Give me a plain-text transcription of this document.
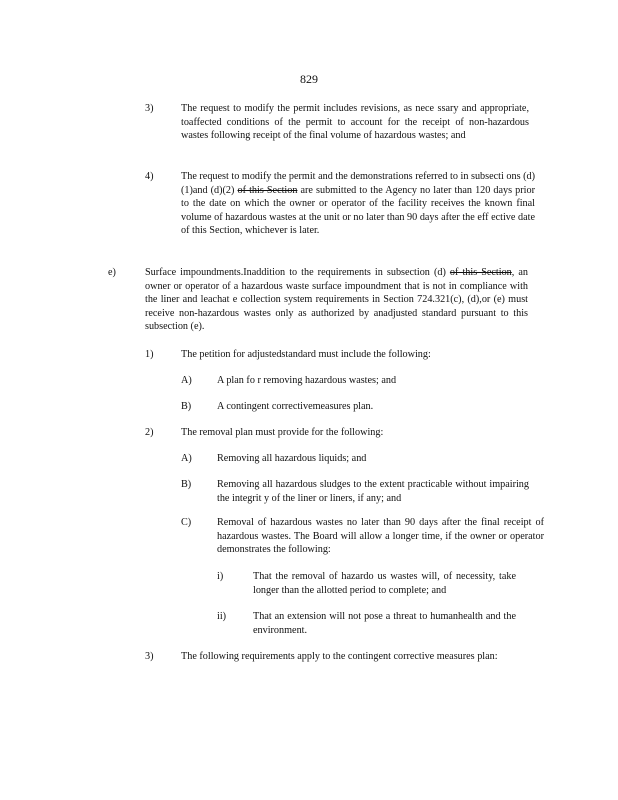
829
3)	The request to modify the permit includes revisions, as nece ssary and appropriate, toaffected conditions of the permit to account for the receipt of non-hazardous wastes following receipt of the final volume of hazardous wastes; and
4)	The request to modify the permit and the demonstrations referred to in subsecti ons (d)(1)and (d)(2) of this Section are submitted to the Agency no later than 120 days prior to the date on which the owner or operator of the facility receives the known final volume of hazardous wastes at the unit or no later than 90 days after the eff ective date of this Section, whichever is later.
e)	Surface impoundments.Inaddition to the requirements in subsection (d) of this Section, an owner or operator of a hazardous waste surface impoundment that is not in compliance with the liner and leachat e collection system requirements in Section 724.321(c), (d),or (e) must receive non-hazardous wastes only as authorized by anadjusted standard pursuant to this subsection (e).
1)	The petition for adjustedstandard must include the following:
A) A plan fo r removing hazardous wastes; and
B)	A contingent correctivemeasures plan.
2)	The removal plan must provide for the following:
A) Removing all hazardous liquids; and
B)	Removing all hazardous sludges to the extent practicable without impairing the integrit y of the liner or liners, if any; and
C)	Removal of hazardous wastes no later than 90 days after the final receipt of hazardous wastes. The Board will allow a longer time, if the owner or operator demonstrates the following:
i)	That the removal of hazardo us wastes will, of necessity, take longer than the allotted period to complete; and
ii)	That an extension will not pose a threat to humanhealth and the environment.
3)	The following requirements apply to the contingent corrective measures plan:
